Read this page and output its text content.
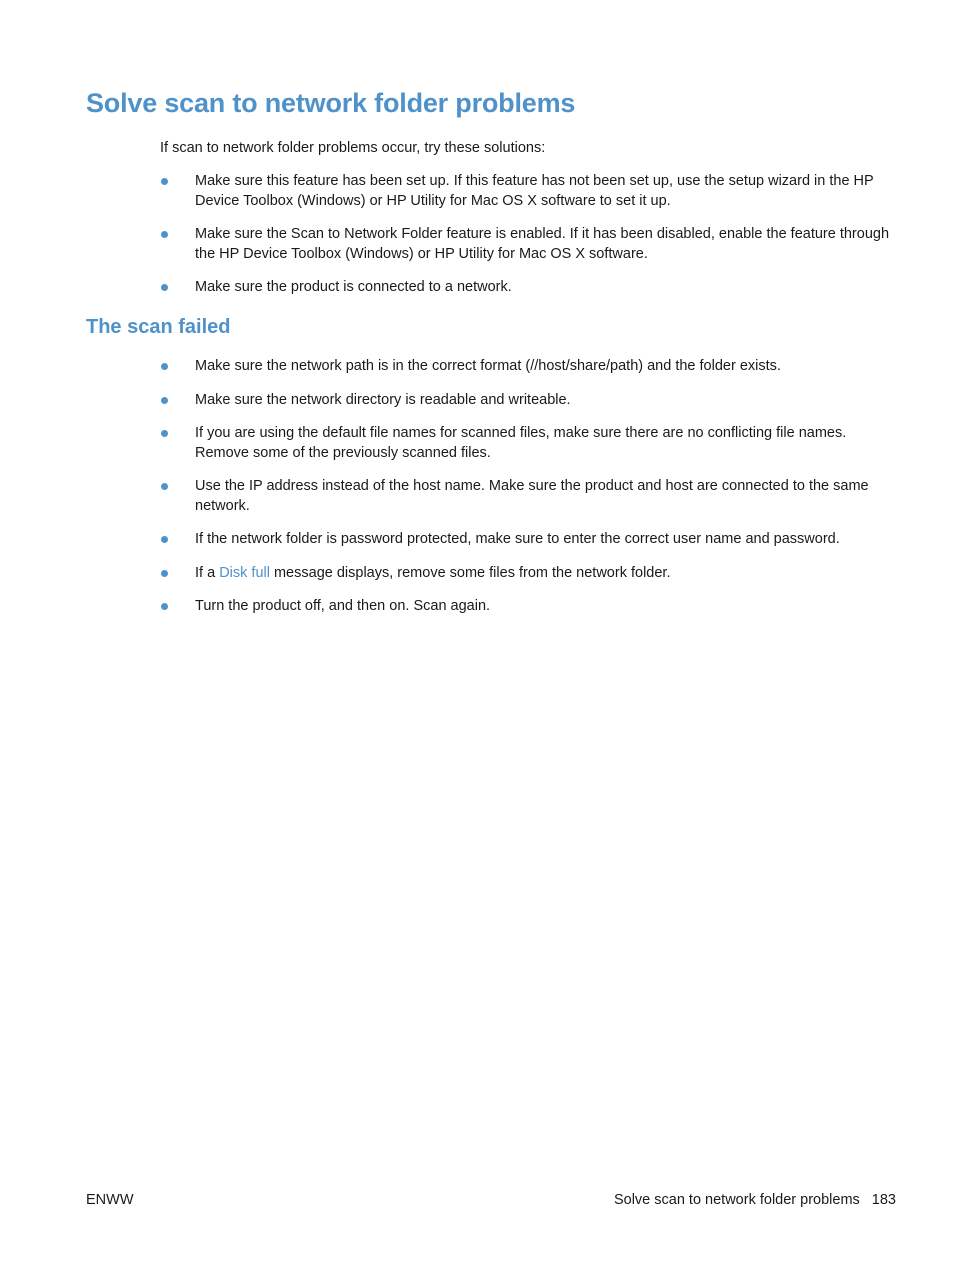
Solve scan to network folder problems

If scan to network folder problems occur, try these solutions:

Make sure this feature has been set up. If this feature has not been set up, use the setup wizard in the HP Device Toolbox (Windows) or HP Utility for Mac OS X software to set it up.
Make sure the Scan to Network Folder feature is enabled. If it has been disabled, enable the feature through the HP Device Toolbox (Windows) or HP Utility for Mac OS X software.
Make sure the product is connected to a network.
The scan failed
Make sure the network path is in the correct format (//host/share/path) and the folder exists.
Make sure the network directory is readable and writeable.
If you are using the default file names for scanned files, make sure there are no conflicting file names. Remove some of the previously scanned files.
Use the IP address instead of the host name. Make sure the product and host are connected to the same network.
If the network folder is password protected, make sure to enter the correct user name and password.
If a Disk full message displays, remove some files from the network folder.
Turn the product off, and then on. Scan again.
ENWW	Solve scan to network folder problems 183
